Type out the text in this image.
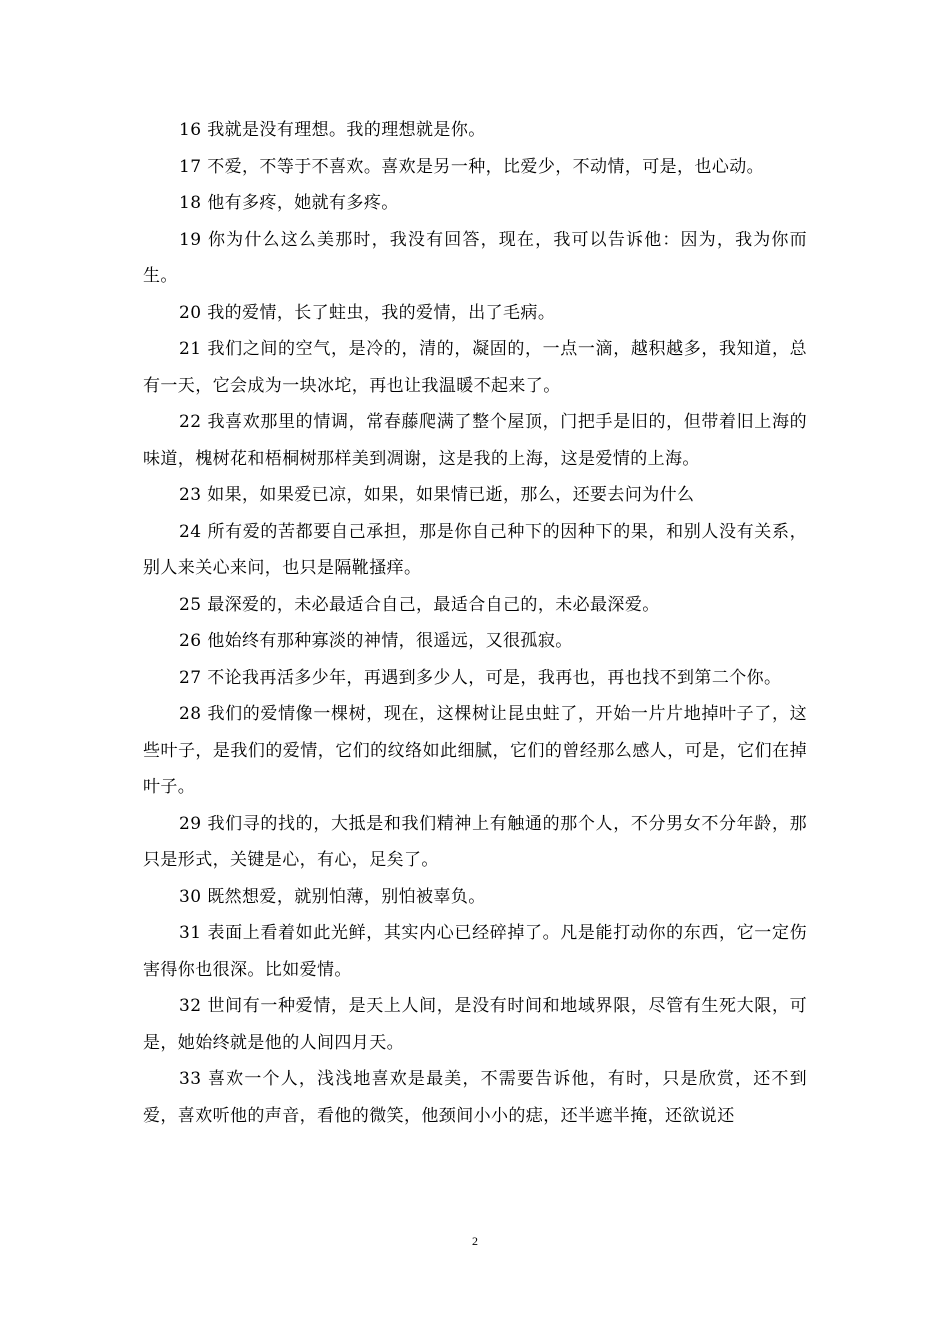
16 我就是没有理想。我的理想就是你。

17 不爱，不等于不喜欢。喜欢是另一种，比爱少，不动情，可是，也心动。

18 他有多疼，她就有多疼。

19 你为什么这么美那时，我没有回答，现在，我可以告诉他：因为，我为你而生。

20 我的爱情，长了蛀虫，我的爱情，出了毛病。

21 我们之间的空气，是冷的，清的，凝固的，一点一滴，越积越多，我知道，总有一天，它会成为一块冰坨，再也让我温暖不起来了。

22 我喜欢那里的情调，常春藤爬满了整个屋顶，门把手是旧的，但带着旧上海的味道，槐树花和梧桐树那样美到凋谢，这是我的上海，这是爱情的上海。

23 如果，如果爱已凉，如果，如果情已逝，那么，还要去问为什么

24 所有爱的苦都要自己承担，那是你自己种下的因种下的果，和别人没有关系，别人来关心来问，也只是隔靴搔痒。

25 最深爱的，未必最适合自己，最适合自己的，未必最深爱。

26 他始终有那种寡淡的神情，很遥远，又很孤寂。

27 不论我再活多少年，再遇到多少人，可是，我再也，再也找不到第二个你。

28 我们的爱情像一棵树，现在，这棵树让昆虫蛀了，开始一片片地掉叶子了，这些叶子，是我们的爱情，它们的纹络如此细腻，它们的曾经那么感人，可是，它们在掉叶子。

29 我们寻的找的，大抵是和我们精神上有触通的那个人，不分男女不分年龄，那只是形式，关键是心，有心，足矣了。

30 既然想爱，就别怕薄，别怕被辜负。

31 表面上看着如此光鲜，其实内心已经碎掉了。凡是能打动你的东西，它一定伤害得你也很深。比如爱情。

32 世间有一种爱情，是天上人间，是没有时间和地域界限，尽管有生死大限，可是，她始终就是他的人间四月天。

33 喜欢一个人，浅浅地喜欢是最美，不需要告诉他，有时，只是欣赏，还不到爱，喜欢听他的声音，看他的微笑，他颈间小小的痣，还半遮半掩，还欲说还

2
